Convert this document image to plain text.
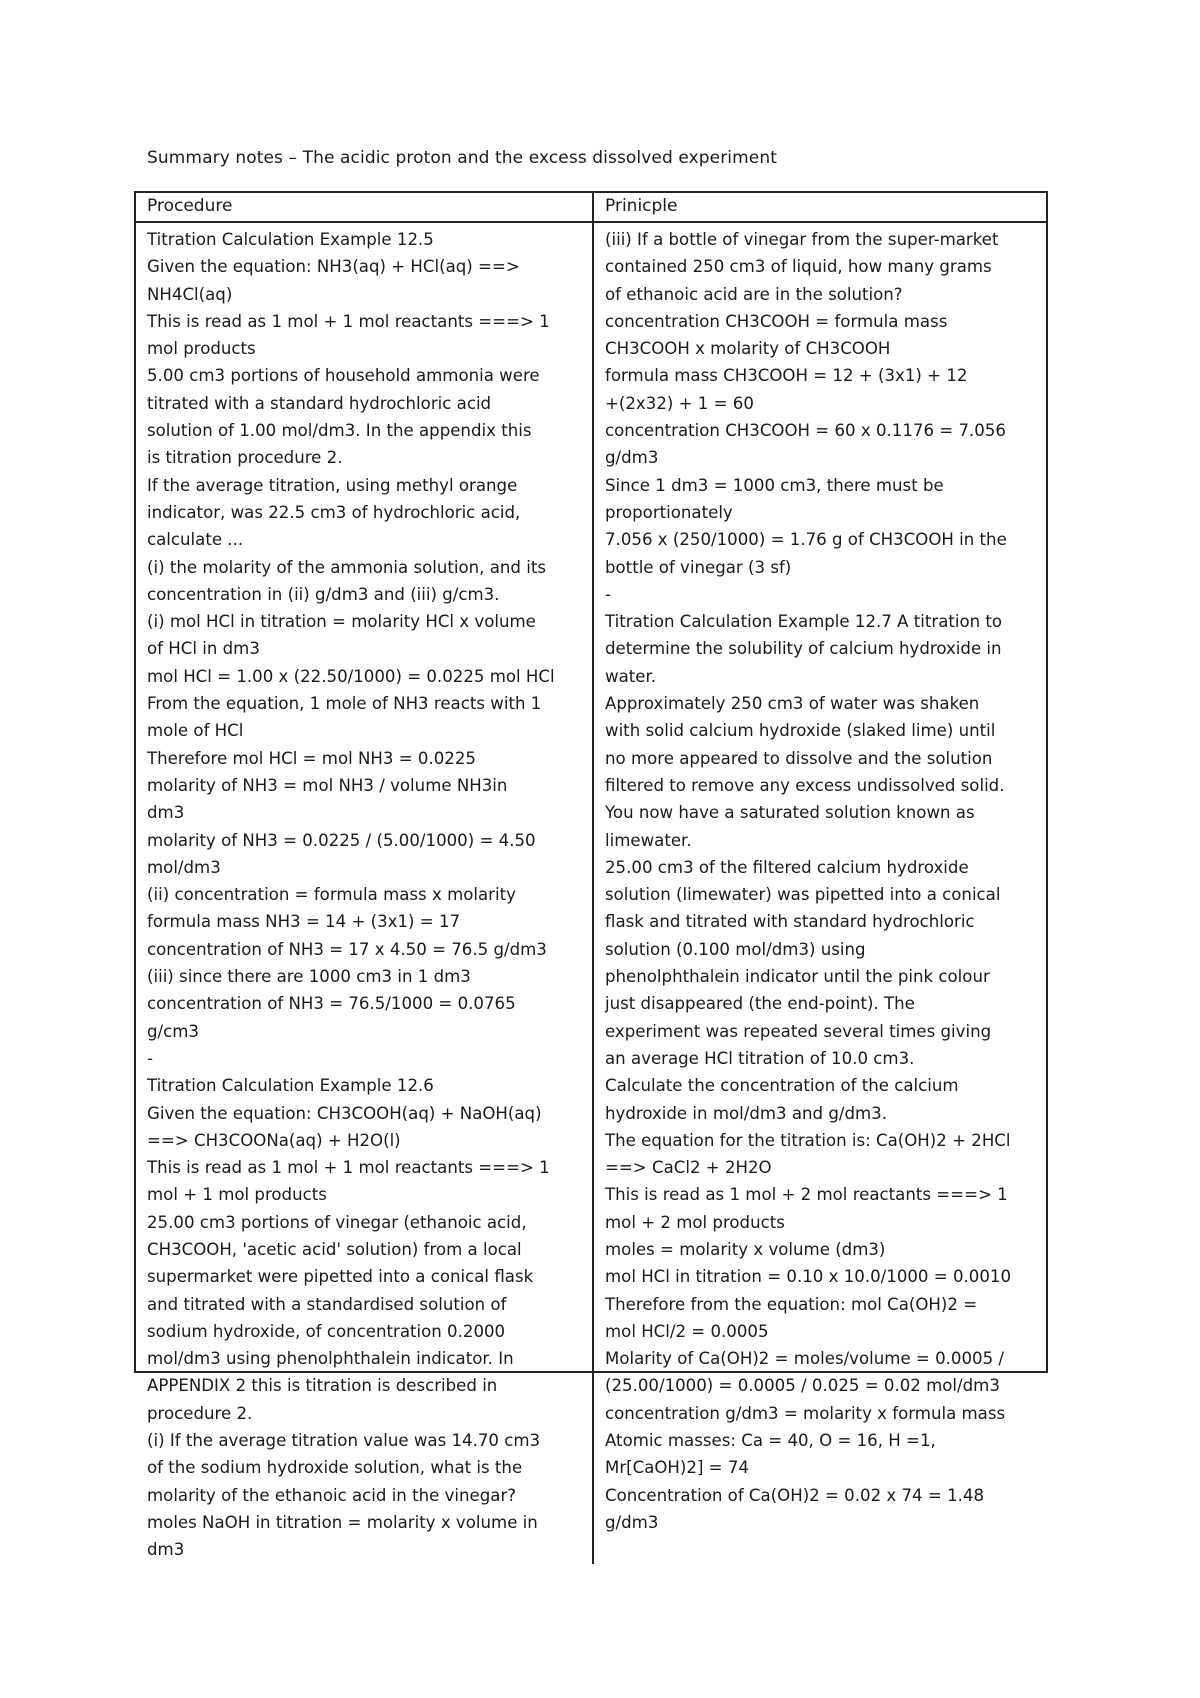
Summary notes – The acidic proton and the excess dissolved experiment
Procedure	Prinicple
Titration Calculation Example 12.5
Given the equation: NH3(aq) + HCl(aq) ==>
NH4Cl(aq)
This is read as 1 mol + 1 mol reactants ===> 1
mol products
5.00 cm3 portions of household ammonia were
titrated with a standard hydrochloric acid
solution of 1.00 mol/dm3. In the appendix this
is titration procedure 2.
If the average titration, using methyl orange
indicator, was 22.5 cm3 of hydrochloric acid,
calculate ...
(i) the molarity of the ammonia solution, and its
concentration in (ii) g/dm3 and (iii) g/cm3.
(i) mol HCl in titration = molarity HCl x volume
of HCl in dm3
mol HCl = 1.00 x (22.50/1000) = 0.0225 mol HCl
From the equation, 1 mole of NH3 reacts with 1
mole of HCl
Therefore mol HCl = mol NH3 = 0.0225
molarity of NH3 = mol NH3 / volume NH3in
dm3
molarity of NH3 = 0.0225 / (5.00/1000) = 4.50
mol/dm3
(ii) concentration = formula mass x molarity
formula mass NH3 = 14 + (3x1) = 17
concentration of NH3 = 17 x 4.50 = 76.5 g/dm3
(iii) since there are 1000 cm3 in 1 dm3
concentration of NH3 = 76.5/1000 = 0.0765
g/cm3
-
Titration Calculation Example 12.6
Given the equation: CH3COOH(aq) + NaOH(aq)
==> CH3COONa(aq) + H2O(l)
This is read as 1 mol + 1 mol reactants ===> 1
mol + 1 mol products
25.00 cm3 portions of vinegar (ethanoic acid,
CH3COOH, 'acetic acid' solution) from a local
supermarket were pipetted into a conical flask
and titrated with a standardised solution of
sodium hydroxide, of concentration 0.2000
mol/dm3 using phenolphthalein indicator. In
APPENDIX 2 this is titration is described in
procedure 2.
(i) If the average titration value was 14.70 cm3
of the sodium hydroxide solution, what is the
molarity of the ethanoic acid in the vinegar?
moles NaOH in titration = molarity x volume in
dm3
(iii) If a bottle of vinegar from the super-market
contained 250 cm3 of liquid, how many grams
of ethanoic acid are in the solution?
concentration CH3COOH = formula mass
CH3COOH x molarity of CH3COOH
formula mass CH3COOH = 12 + (3x1) + 12
+(2x32) + 1 = 60
concentration CH3COOH = 60 x 0.1176 = 7.056
g/dm3
Since 1 dm3 = 1000 cm3, there must be
proportionately
7.056 x (250/1000) = 1.76 g of CH3COOH in the
bottle of vinegar (3 sf)
-
Titration Calculation Example 12.7 A titration to
determine the solubility of calcium hydroxide in
water.
Approximately 250 cm3 of water was shaken
with solid calcium hydroxide (slaked lime) until
no more appeared to dissolve and the solution
filtered to remove any excess undissolved solid.
You now have a saturated solution known as
limewater.
25.00 cm3 of the filtered calcium hydroxide
solution (limewater) was pipetted into a conical
flask and titrated with standard hydrochloric
solution (0.100 mol/dm3) using
phenolphthalein indicator until the pink colour
just disappeared (the end-point). The
experiment was repeated several times giving
an average HCl titration of 10.0 cm3.
Calculate the concentration of the calcium
hydroxide in mol/dm3 and g/dm3.
The equation for the titration is: Ca(OH)2 + 2HCl
==> CaCl2 + 2H2O
This is read as 1 mol + 2 mol reactants ===> 1
mol + 2 mol products
moles = molarity x volume (dm3)
mol HCl in titration = 0.10 x 10.0/1000 = 0.0010
Therefore from the equation: mol Ca(OH)2 =
mol HCl/2 = 0.0005
Molarity of Ca(OH)2 = moles/volume = 0.0005 /
(25.00/1000) = 0.0005 / 0.025 = 0.02 mol/dm3
concentration g/dm3 = molarity x formula mass
Atomic masses: Ca = 40, O = 16, H =1,
Mr[CaOH)2] = 74
Concentration of Ca(OH)2 = 0.02 x 74 = 1.48
g/dm3
